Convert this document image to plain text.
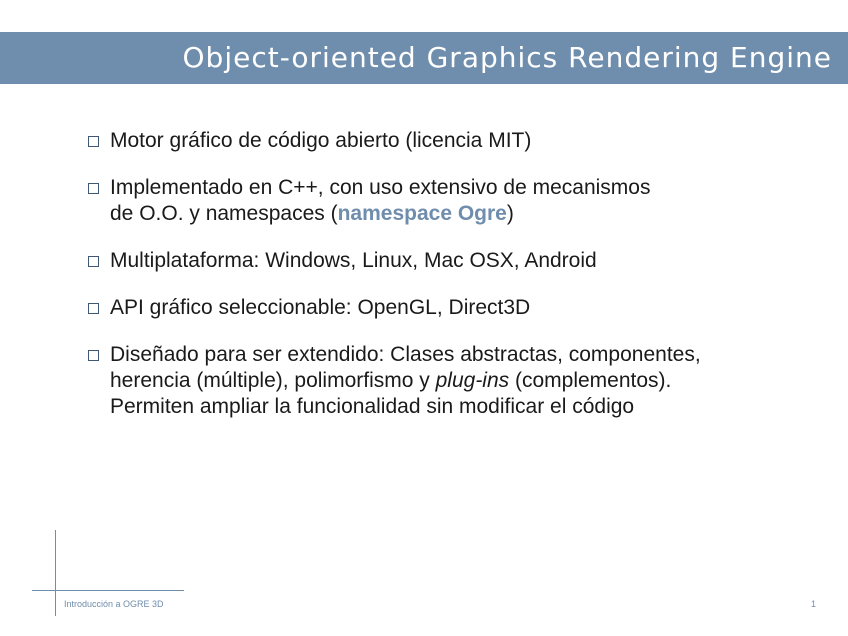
Object-oriented Graphics Rendering Engine
Motor gráfico de código abierto (licencia MIT)
Implementado en C++, con uso extensivo de mecanismos
de O.O. y namespaces (namespace Ogre)
Multiplataforma: Windows, Linux, Mac OSX, Android
API gráfico seleccionable: OpenGL, Direct3D
Diseñado para ser extendido: Clases abstractas, componentes,
herencia (múltiple), polimorfismo y plug-ins (complementos).
Permiten ampliar la funcionalidad sin modificar el código
Introducción a OGRE 3D	1
